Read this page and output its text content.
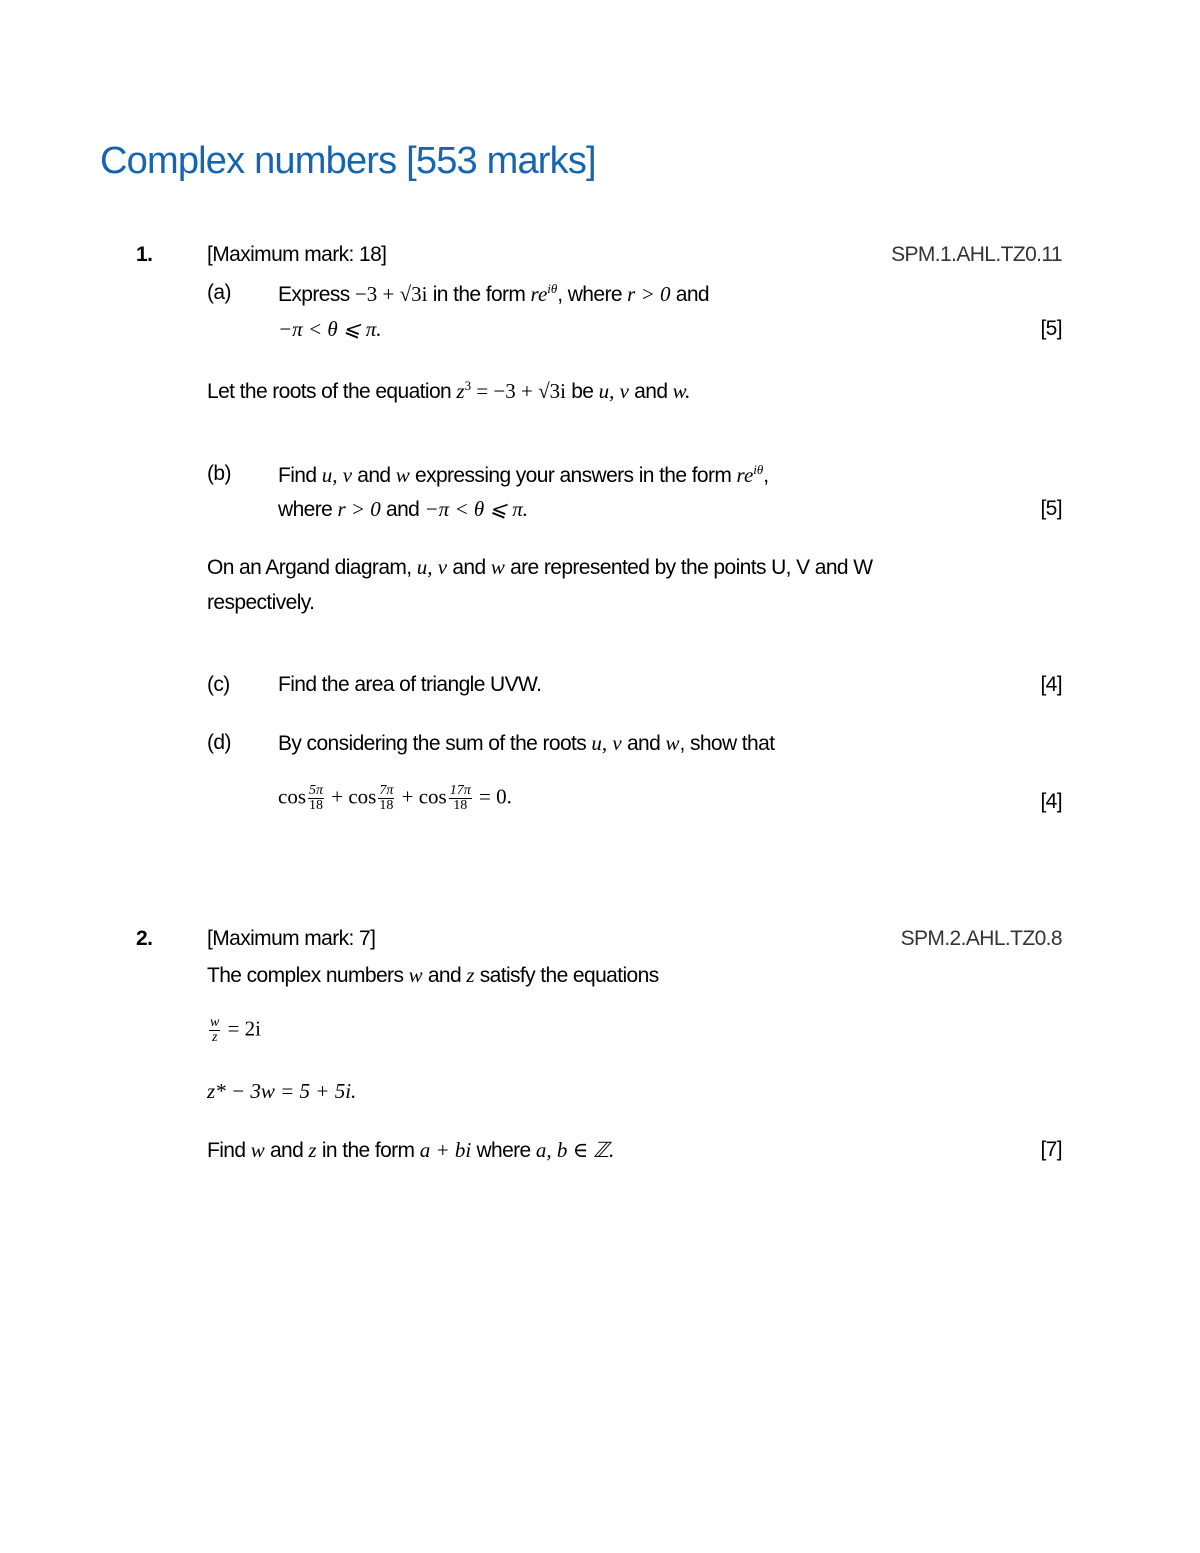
Complex numbers [553 marks]
1.	[Maximum mark: 18]	SPM.1.AHL.TZ0.11
(a) Express −3 + √3i in the form $re^{i\theta}$, where r > 0 and
−π < θ ⩽ π.	[5]
Let the roots of the equation $z^3 = -3 + √3i$ be u, v and w.
(b) Find u, v and w expressing your answers in the form $re^{i\theta}$,
where r > 0 and −π < θ ⩽ π.	[5]
On an Argand diagram, u, v and w are represented by the points U, V and W
respectively.
(c) Find the area of triangle UVW.	[4]
(d) By considering the sum of the roots u, v and w, show that
$\cos \frac{5\pi}{18} + \cos \frac{7\pi}{18} + \cos \frac{17\pi}{18} = 0$.	[4]
2.	[Maximum mark: 7]	SPM.2.AHL.TZ0.8
The complex numbers w and z satisfy the equations
$\frac{w}{z} = 2i$
z* − 3w = 5 + 5i.
Find w and z in the form a + bi where a, b ∈ ℤ.	[7]
